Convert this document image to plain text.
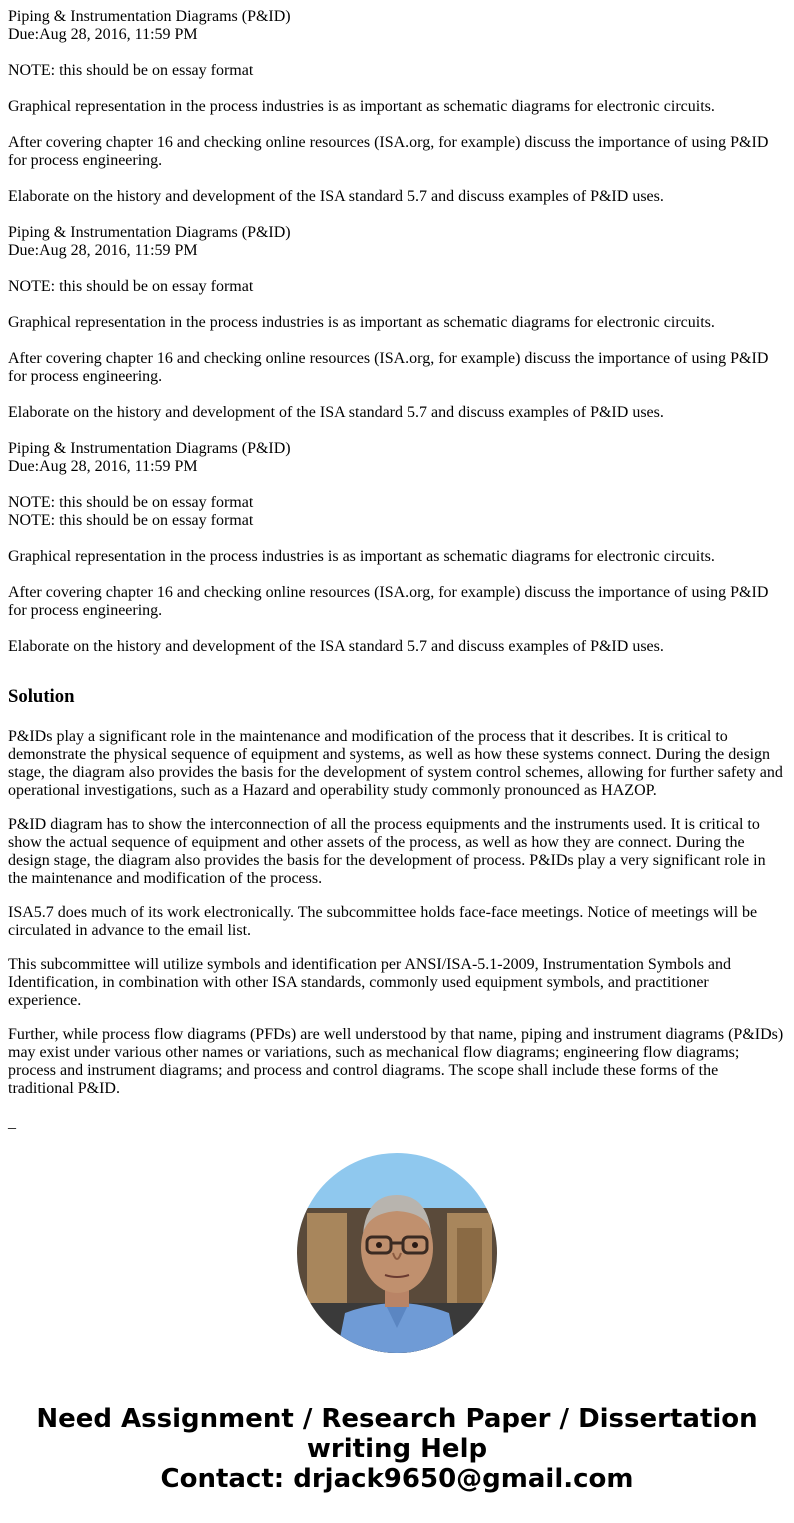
Piping & Instrumentation Diagrams (P&ID)
Due:Aug 28, 2016, 11:59 PM

NOTE: this should be on essay format

Graphical representation in the process industries is as important as schematic diagrams for electronic circuits.

After covering chapter 16 and checking online resources (ISA.org, for example) discuss the importance of using P&ID for process engineering.

Elaborate on the history and development of the ISA standard 5.7 and discuss examples of P&ID uses.

Piping & Instrumentation Diagrams (P&ID)
Due:Aug 28, 2016, 11:59 PM

NOTE: this should be on essay format

Graphical representation in the process industries is as important as schematic diagrams for electronic circuits.

After covering chapter 16 and checking online resources (ISA.org, for example) discuss the importance of using P&ID for process engineering.

Elaborate on the history and development of the ISA standard 5.7 and discuss examples of P&ID uses.

Piping & Instrumentation Diagrams (P&ID)
Due:Aug 28, 2016, 11:59 PM
NOTE: this should be on essay format
NOTE: this should be on essay format

Graphical representation in the process industries is as important as schematic diagrams for electronic circuits.

After covering chapter 16 and checking online resources (ISA.org, for example) discuss the importance of using P&ID for process engineering.

Elaborate on the history and development of the ISA standard 5.7 and discuss examples of P&ID uses.

Solution

P&IDs play a significant role in the maintenance and modification of the process that it describes. It is critical to demonstrate the physical sequence of equipment and systems, as well as how these systems connect. During the design stage, the diagram also provides the basis for the development of system control schemes, allowing for further safety and operational investigations, such as a Hazard and operability study commonly pronounced as HAZOP.

P&ID diagram has to show the interconnection of all the process equipments and the instruments used. It is critical to show the actual sequence of equipment and other assets of the process, as well as how they are connect. During the design stage, the diagram also provides the basis for the development of process. P&IDs play a very significant role in the maintenance and modification of the process.

ISA5.7 does much of its work electronically. The subcommittee holds face-face meetings. Notice of meetings will be circulated in advance to the email list.

This subcommittee will utilize symbols and identification per ANSI/ISA-5.1-2009, Instrumentation Symbols and Identification, in combination with other ISA standards, commonly used equipment symbols, and practitioner experience.

Further, while process flow diagrams (PFDs) are well understood by that name, piping and instrument diagrams (P&IDs) may exist under various other names or variations, such as mechanical flow diagrams; engineering flow diagrams; process and instrument diagrams; and process and control diagrams. The scope shall include these forms of the traditional P&ID.

_

Need Assignment / Research Paper / Dissertation
writing Help
Contact: drjack9650@gmail.com
